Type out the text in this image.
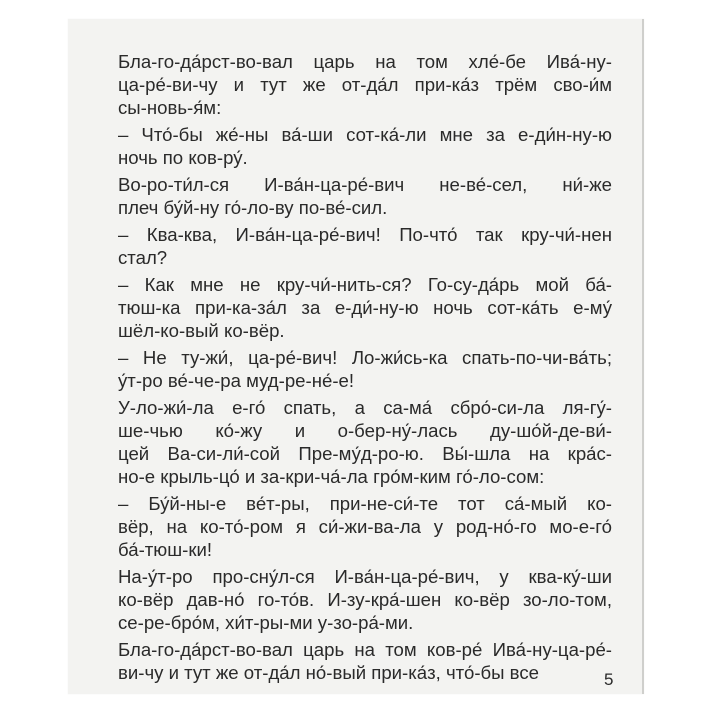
Бла-го-да́рст-во-вал царь на том хле́-бе Ива́-ну-
ца-ре́-ви-чу и тут же от-да́л при-ка́з трём сво-и́м
сы-новь-я́м:
– Что́-бы же́-ны ва́-ши сот-ка́-ли мне за е-ди́н-ну-ю
ночь по ков-ру́.
Во-ро-ти́л-ся И-ва́н-ца-ре́-вич не-ве́-сел, ни́-же
плеч бу́й-ну го́-ло-ву по-ве́-сил.
– Ква-ква, И-ва́н-ца-ре́-вич! По-что́ так кру-чи́-нен
стал?
– Как мне не кру-чи́-нить-ся? Го-су-да́рь мой ба́-
тюш-ка при-ка-за́л за е-ди́-ну-ю ночь сот-ка́ть е-му́
шёл-ко-вый ко-вёр.
– Не ту-жи́, ца-ре́-вич! Ло-жи́сь-ка спать-по-чи-ва́ть;
у́т-ро ве́-че-ра муд-ре-не́-е!
У-ло-жи́-ла е-го́ спать, а са-ма́ сбро́-си-ла ля-гу́-
ше-чью ко́-жу и о-бер-ну́-лась ду-шо́й-де-ви́-
цей Ва-си-ли́-сой Пре-му́д-ро-ю. Вы́-шла на кра́с-
но-е крыль-цо́ и за-кри-ча́-ла гро́м-ким го́-ло-сом:
– Бу́й-ны-е ве́т-ры, при-не-си́-те тот са́-мый ко-
вёр, на ко-то́-ром я си́-жи-ва-ла у род-но́-го мо-е-го́
ба́-тюш-ки!
На-у́т-ро про-сну́л-ся И-ва́н-ца-ре́-вич, у ква-ку́-ши
ко-вёр дав-но́ го-то́в. И-зу-кра́-шен ко-вёр зо-ло-том,
се-ре-бро́м, хи́т-ры-ми у-зо-ра́-ми.
Бла-го-да́рст-во-вал царь на том ков-ре́ Ива́-ну-ца-ре́-
ви-чу и тут же от-да́л но́-вый при-ка́з, что́-бы все	5
